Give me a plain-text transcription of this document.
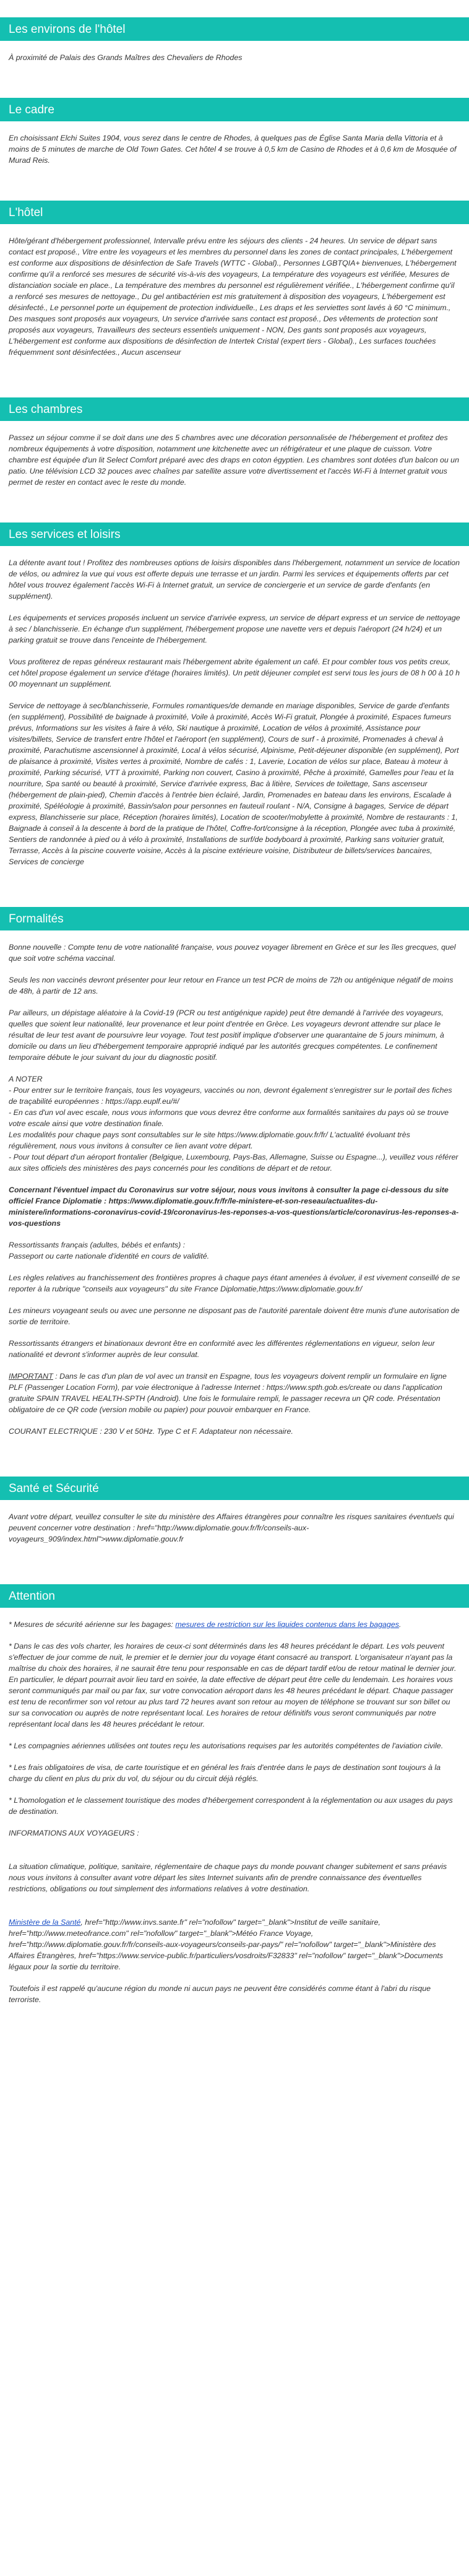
Les environs de l'hôtel

À proximité de Palais des Grands Maîtres des Chevaliers de Rhodes

Le cadre

En choisissant Elchi Suites 1904, vous serez dans le centre de Rhodes, à quelques pas de Église Santa Maria della Vittoria et à moins de 5 minutes de marche de Old Town Gates. Cet hôtel 4 se trouve à 0,5 km de Casino de Rhodes et à 0,6 km de Mosquée of Murad Reis.

L'hôtel

Hôte/gérant d'hébergement professionnel, Intervalle prévu entre les séjours des clients - 24 heures. Un service de départ sans contact est proposé., Vitre entre les voyageurs et les membres du personnel dans les zones de contact principales, L'hébergement est conforme aux dispositions de désinfection de Safe Travels (WTTC - Global)., Personnes LGBTQIA+ bienvenues, L'hébergement confirme qu'il a renforcé ses mesures de sécurité vis-à-vis des voyageurs, La température des voyageurs est vérifiée, Mesures de distanciation sociale en place., La température des membres du personnel est régulièrement vérifiée., L'hébergement confirme qu'il a renforcé ses mesures de nettoyage., Du gel antibactérien est mis gratuitement à disposition des voyageurs, L'hébergement est désinfecté., Le personnel porte un équipement de protection individuelle., Les draps et les serviettes sont lavés à 60 °C minimum., Des masques sont proposés aux voyageurs, Un service d'arrivée sans contact est proposé., Des vêtements de protection sont proposés aux voyageurs, Travailleurs des secteurs essentiels uniquement - NON, Des gants sont proposés aux voyageurs, L'hébergement est conforme aux dispositions de désinfection de Intertek Cristal (expert tiers - Global)., Les surfaces touchées fréquemment sont désinfectées., Aucun ascenseur

Les chambres

Passez un séjour comme il se doit dans une des 5 chambres avec une décoration personnalisée de l'hébergement et profitez des nombreux équipements à votre disposition, notamment une kitchenette avec un réfrigérateur et une plaque de cuisson. Votre chambre est équipée d'un lit Select Comfort préparé avec des draps en coton égyptien. Les chambres sont dotées d'un balcon ou un patio. Une télévision LCD 32 pouces avec chaînes par satellite assure votre divertissement et l'accès Wi-Fi à Internet gratuit vous permet de rester en contact avec le reste du monde.

Les services et loisirs

La détente avant tout ! Profitez des nombreuses options de loisirs disponibles dans l'hébergement, notamment un service de location de vélos, ou admirez la vue qui vous est offerte depuis une terrasse et un jardin. Parmi les services et équipements offerts par cet hôtel vous trouvez également l'accès Wi-Fi à Internet gratuit, un service de conciergerie et un service de garde d'enfants (en supplément).

Les équipements et services proposés incluent un service d'arrivée express, un service de départ express et un service de nettoyage à sec / blanchisserie. En échange d'un supplément, l'hébergement propose une navette vers et depuis l'aéroport (24 h/24) et un parking gratuit se trouve dans l'enceinte de l'hébergement.

Vous profiterez de repas généreux restaurant mais l'hébergement abrite également un café. Et pour combler tous vos petits creux, cet hôtel propose également un service d'étage (horaires limités). Un petit déjeuner complet est servi tous les jours de 08 h 00 à 10 h 00 moyennant un supplément.

Service de nettoyage à sec/blanchisserie, Formules romantiques/de demande en mariage disponibles, Service de garde d'enfants (en supplément), Possibilité de baignade à proximité, Voile à proximité, Accès Wi-Fi gratuit, Plongée à proximité, Espaces fumeurs prévus, Informations sur les visites à faire à vélo, Ski nautique à proximité, Location de vélos à proximité, Assistance pour visites/billets, Service de transfert entre l'hôtel et l'aéroport (en supplément), Cours de surf - à proximité, Promenades à cheval à proximité, Parachutisme ascensionnel à proximité, Local à vélos sécurisé, Alpinisme, Petit-déjeuner disponible (en supplément), Port de plaisance à proximité, Visites vertes à proximité, Nombre de cafés : 1, Laverie, Location de vélos sur place, Bateau à moteur à proximité, Parking sécurisé, VTT à proximité, Parking non couvert, Casino à proximité, Pêche à proximité, Gamelles pour l'eau et la nourriture, Spa santé ou beauté à proximité, Service d'arrivée express, Bac à litière, Services de toilettage, Sans ascenseur (hébergement de plain-pied), Chemin d'accès à l'entrée bien éclairé, Jardin, Promenades en bateau dans les environs, Escalade à proximité, Spéléologie à proximité, Bassin/salon pour personnes en fauteuil roulant - N/A, Consigne à bagages, Service de départ express, Blanchisserie sur place, Réception (horaires limités), Location de scooter/mobylette à proximité, Nombre de restaurants : 1, Baignade à conseil à la descente à bord de la pratique de l'hôtel, Coffre-fort/consigne à la réception, Plongée avec tuba à proximité, Sentiers de randonnée à pied ou à vélo à proximité, Installations de surf/de bodyboard à proximité, Parking sans voiturier gratuit, Terrasse, Accès à la piscine couverte voisine, Accès à la piscine extérieure voisine, Distributeur de billets/services bancaires, Services de concierge

Formalités

Bonne nouvelle : Compte tenu de votre nationalité française, vous pouvez voyager librement en Grèce et sur les îles grecques, quel que soit votre schéma vaccinal.

Seuls les non vaccinés devront présenter pour leur retour en France un test PCR de moins de 72h ou antigénique négatif de moins de 48h, à partir de 12 ans.

Par ailleurs, un dépistage aléatoire à la Covid-19 (PCR ou test antigénique rapide) peut être demandé à l'arrivée des voyageurs, quelles que soient leur nationalité, leur provenance et leur point d'entrée en Grèce. Les voyageurs devront attendre sur place le résultat de leur test avant de poursuivre leur voyage. Tout test positif implique d'observer une quarantaine de 5 jours minimum, à domicile ou dans un lieu d'hébergement temporaire approprié indiqué par les autorités grecques compétentes. Le confinement temporaire débute le jour suivant du jour du diagnostic positif.

A NOTER
- Pour entrer sur le territoire français, tous les voyageurs, vaccinés ou non, devront également s'enregistrer sur le portail des fiches de traçabilité européennes : https://app.euplf.eu/#/
- En cas d'un vol avec escale, nous vous informons que vous devrez être conforme aux formalités sanitaires du pays où se trouve votre escale ainsi que votre destination finale.
Les modalités pour chaque pays sont consultables sur le site https://www.diplomatie.gouv.fr/fr/ L'actualité évoluant très régulièrement, nous vous invitons à consulter ce lien avant votre départ.
- Pour tout départ d'un aéroport frontalier (Belgique, Luxembourg, Pays-Bas, Allemagne, Suisse ou Espagne...), veuillez vous référer aux sites officiels des ministères des pays concernés pour les conditions de départ et de retour.

Concernant l'éventuel impact du Coronavirus sur votre séjour, nous vous invitons à consulter la page ci-dessous du site officiel France Diplomatie : https://www.diplomatie.gouv.fr/fr/le-ministere-et-son-reseau/actualites-du-ministere/informations-coronavirus-covid-19/coronavirus-les-reponses-a-vos-questions/article/coronavirus-les-reponses-a-vos-questions

Ressortissants français (adultes, bébés et enfants) :
Passeport ou carte nationale d'identité en cours de validité.

Les règles relatives au franchissement des frontières propres à chaque pays étant amenées à évoluer, il est vivement conseillé de se reporter à la rubrique "conseils aux voyageurs" du site France Diplomatie,https://www.diplomatie.gouv.fr/

Les mineurs voyageant seuls ou avec une personne ne disposant pas de l'autorité parentale doivent être munis d'une autorisation de sortie de territoire.

Ressortissants étrangers et binationaux devront être en conformité avec les différentes réglementations en vigueur, selon leur nationalité et devront s'informer auprès de leur consulat.

IMPORTANT : Dans le cas d'un plan de vol avec un transit en Espagne, tous les voyageurs doivent remplir un formulaire en ligne PLF (Passenger Location Form), par voie électronique à l'adresse Internet : https://www.spth.gob.es/create ou dans l'application gratuite SPAIN TRAVEL HEALTH-SPTH (Android). Une fois le formulaire rempli, le passager recevra un QR code. Présentation obligatoire de ce QR code (version mobile ou papier) pour pouvoir embarquer en France.

COURANT ELECTRIQUE : 230 V et 50Hz. Type C et F. Adaptateur non nécessaire.

Santé et Sécurité

Avant votre départ, veuillez consulter le site du ministère des Affaires étrangères pour connaître les risques sanitaires éventuels qui peuvent concerner votre destination : href="http://www.diplomatie.gouv.fr/fr/conseils-aux-voyageurs_909/index.html">www.diplomatie.gouv.fr

Attention

* Mesures de sécurité aérienne sur les bagages: mesures de restriction sur les liquides contenus dans les bagages.

* Dans le cas des vols charter, les horaires de ceux-ci sont déterminés dans les 48 heures précédant le départ. Les vols peuvent s'effectuer de jour comme de nuit, le premier et le dernier jour du voyage étant consacré au transport. L'organisateur n'ayant pas la maîtrise du choix des horaires, il ne saurait être tenu pour responsable en cas de départ tardif et/ou de retour matinal le dernier jour. En particulier, le départ pourrait avoir lieu tard en soirée, la date effective de départ peut être celle du lendemain. Les horaires vous seront communiqués par mail ou par fax, sur votre convocation aéroport dans les 48 heures précédant le départ. Chaque passager est tenu de reconfirmer son vol retour au plus tard 72 heures avant son retour au moyen de téléphone se trouvant sur son billet ou sur sa convocation ou auprès de notre représentant local. Les horaires de retour définitifs vous seront communiqués par notre représentant local dans les 48 heures précédant le retour.

* Les compagnies aériennes utilisées ont toutes reçu les autorisations requises par les autorités compétentes de l'aviation civile.

* Les frais obligatoires de visa, de carte touristique et en général les frais d'entrée dans le pays de destination sont toujours à la charge du client en plus du prix du vol, du séjour ou du circuit déjà réglés.

* L'homologation et le classement touristique des modes d'hébergement correspondent à la réglementation ou aux usages du pays de destination.

INFORMATIONS AUX VOYAGEURS :

La situation climatique, politique, sanitaire, réglementaire de chaque pays du monde pouvant changer subitement et sans préavis nous vous invitons à consulter avant votre départ les sites Internet suivants afin de prendre connaissance des éventuelles restrictions, obligations ou tout simplement des informations relatives à votre destination.

Ministère de la Santé, href="http://www.invs.sante.fr" rel="nofollow" target="_blank">Institut de veille sanitaire, href="http://www.meteofrance.com" rel="nofollow" target="_blank">Météo France Voyage, href="http://www.diplomatie.gouv.fr/fr/conseils-aux-voyageurs/conseils-par-pays/" rel="nofollow" target="_blank">Ministère des Affaires Étrangères, href="https://www.service-public.fr/particuliers/vosdroits/F32833" rel="nofollow" target="_blank">Documents légaux pour la sortie du territoire.

Toutefois il est rappelé qu'aucune région du monde ni aucun pays ne peuvent être considérés comme étant à l'abri du risque terroriste.
